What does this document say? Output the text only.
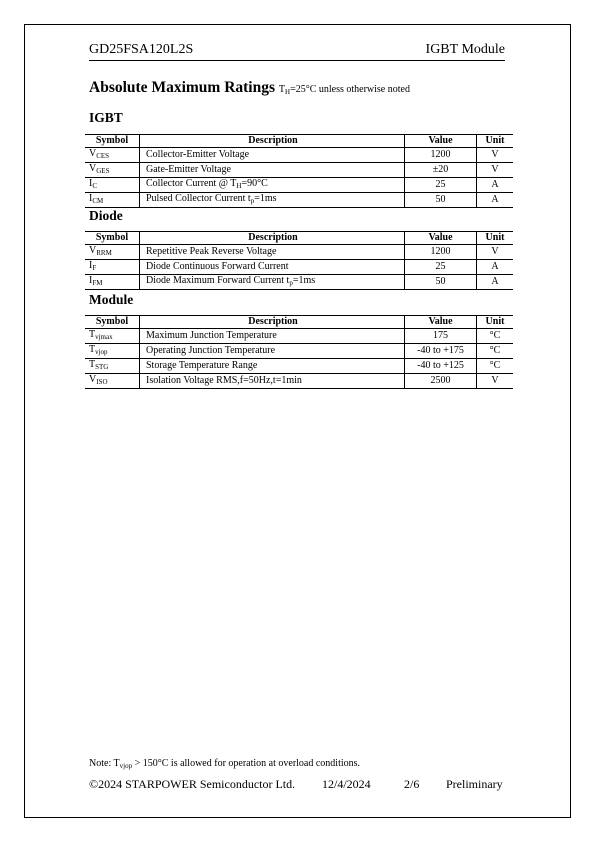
GD25FSA120L2S	IGBT Module
Absolute Maximum Ratings $T_H=25^\circ C$ unless otherwise noted
IGBT
Symbol	Description	Value	Unit
$V_{CES}$	Collector-Emitter Voltage	1200	V
$V_{GES}$	Gate-Emitter Voltage	±20	V
$I_C$	Collector Current @ $T_H=90^\circ C$	25	A
$I_{CM}$	Pulsed Collector Current $t_p=1ms$	50	A
Diode
Symbol	Description	Value	Unit
$V_{RRM}$	Repetitive Peak Reverse Voltage	1200	V
$I_F$	Diode Continuous Forward Current	25	A
$I_{FM}$	Diode Maximum Forward Current $t_p=1ms$	50	A
Module
Symbol	Description	Value	Unit
$T_{vjmax}$	Maximum Junction Temperature	175	°C
$T_{vjop}$	Operating Junction Temperature	-40 to +175	°C
$T_{STG}$	Storage Temperature Range	-40 to +125	°C
$V_{ISO}$	Isolation Voltage RMS,f=50Hz,t=1min	2500	V
Note: $T_{vjop} > 150^\circ C$ is allowed for operation at overload conditions.
©2024 STARPOWER Semiconductor Ltd. 12/4/2024	2/6 Preliminary
